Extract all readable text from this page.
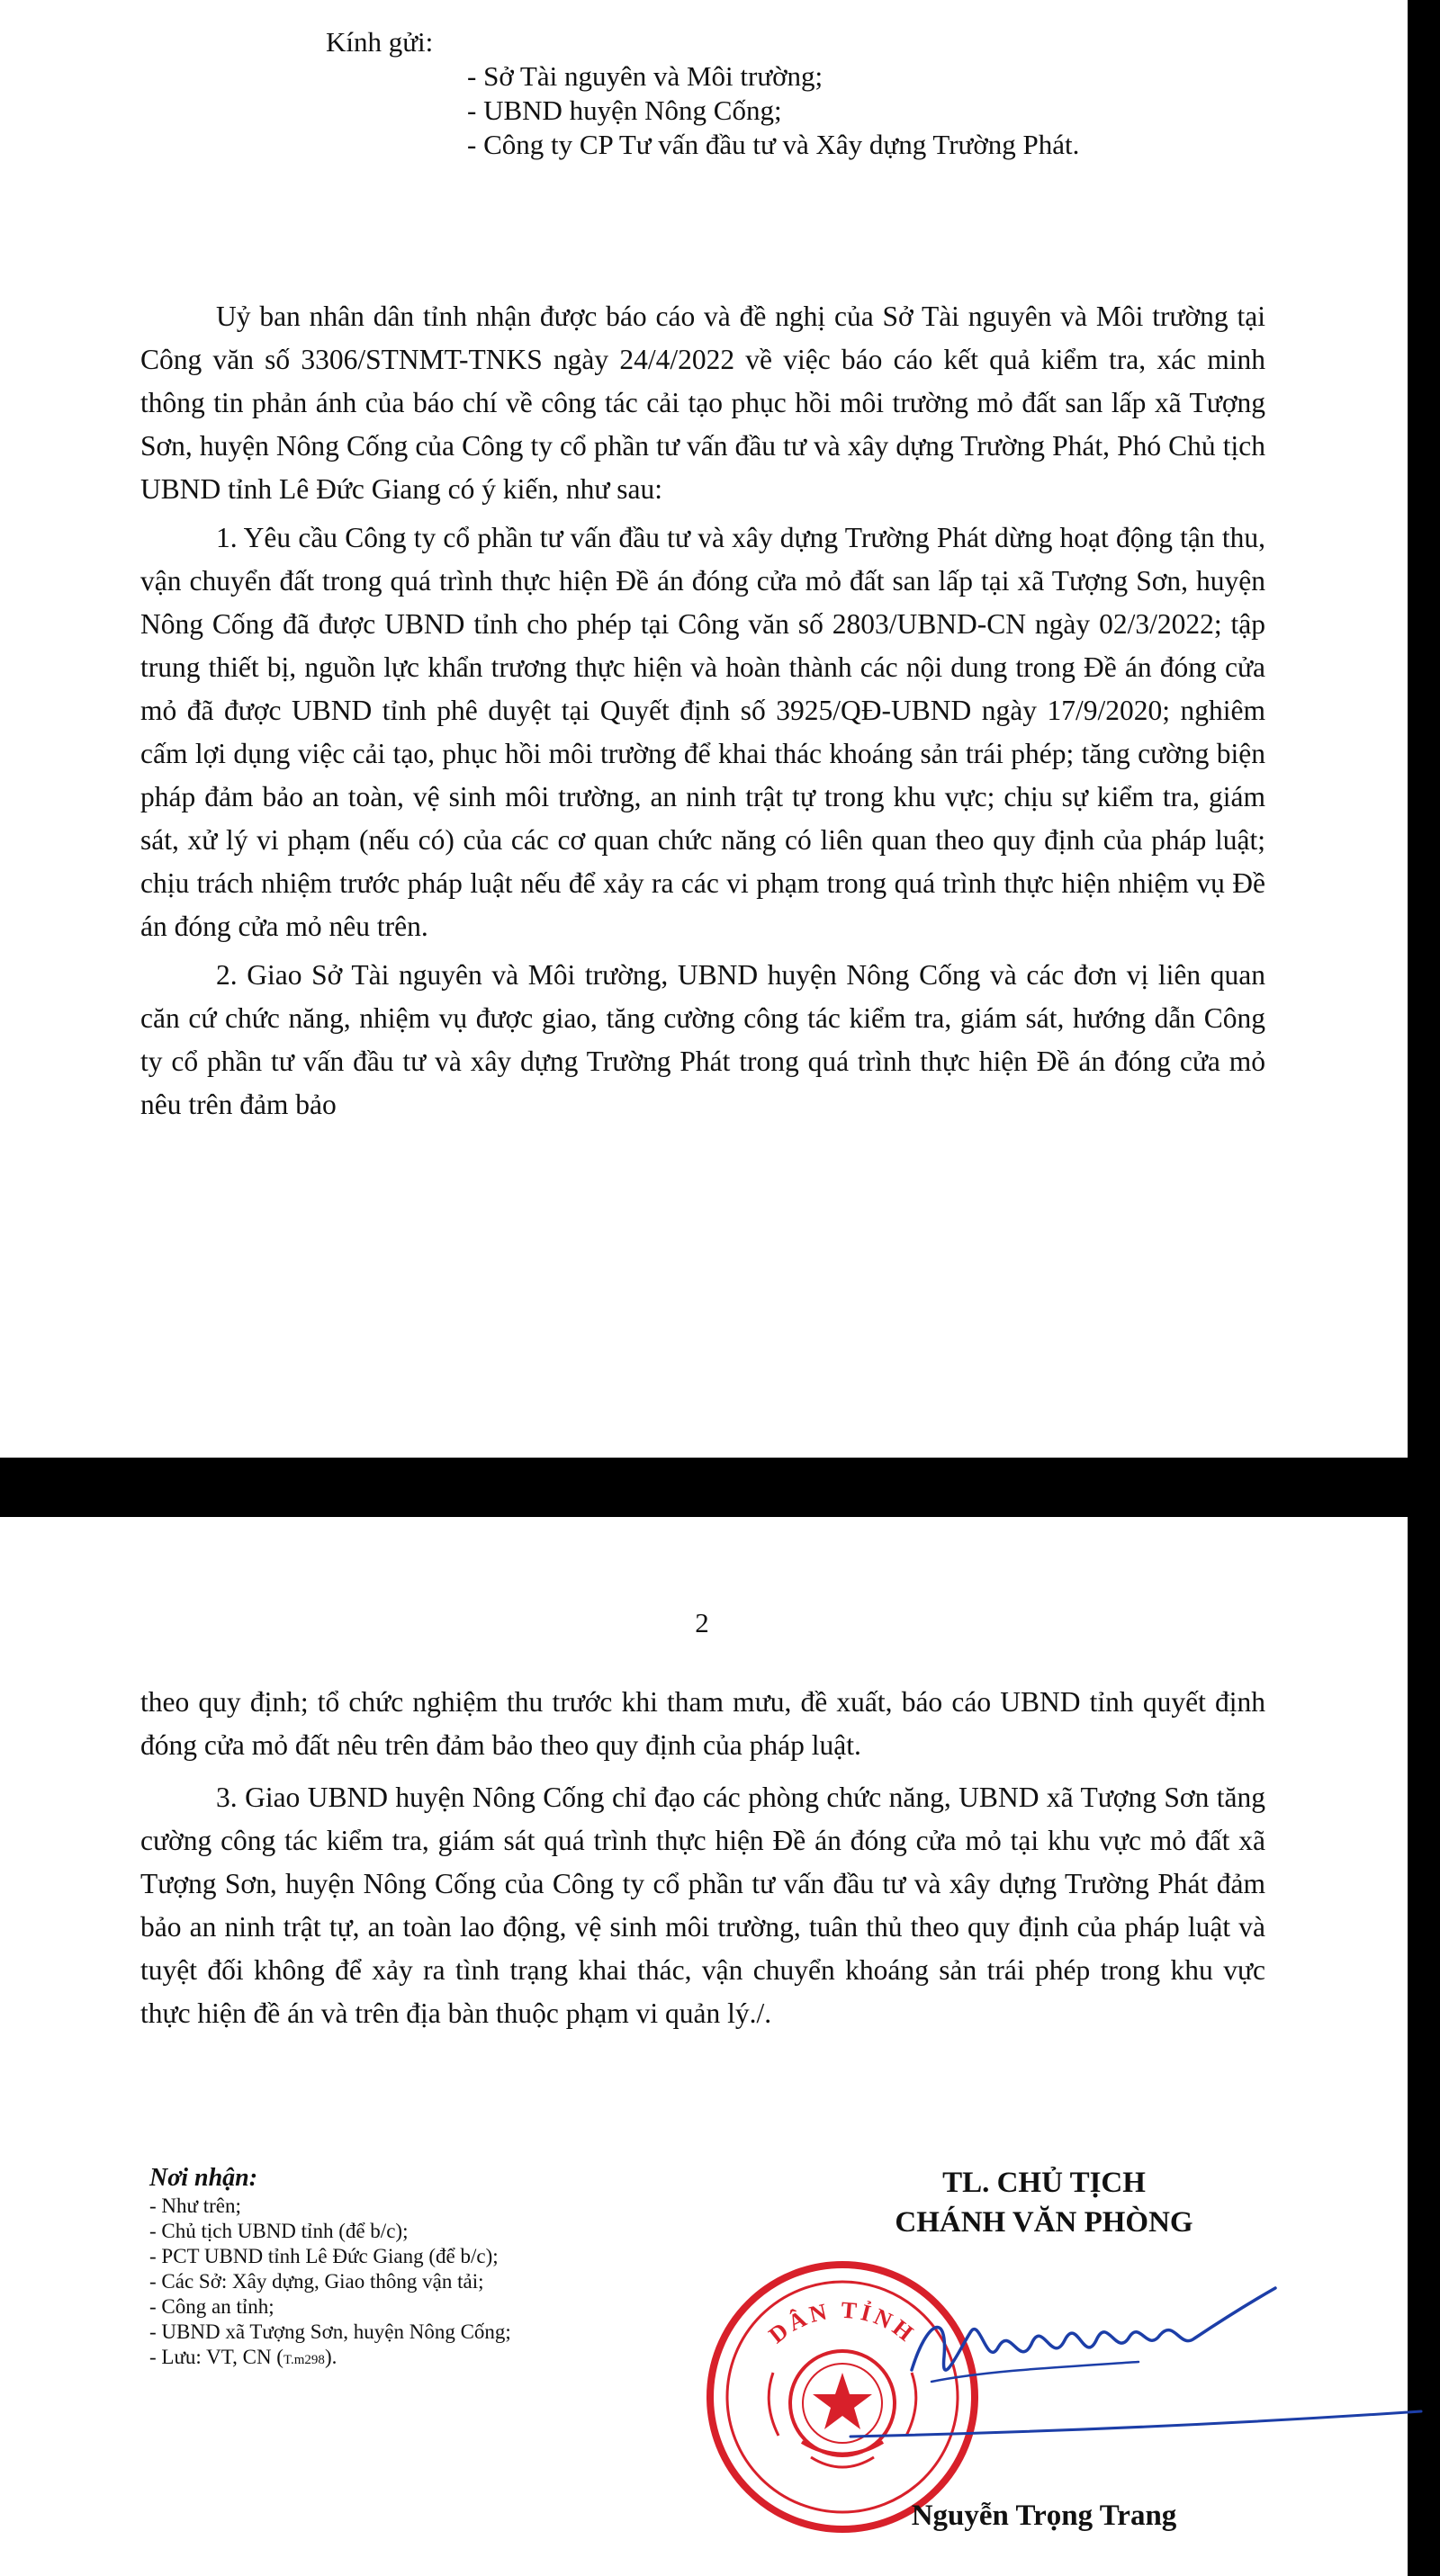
Kính gửi:
- Sở Tài nguyên và Môi trường;
- UBND huyện Nông Cống;
- Công ty CP Tư vấn đầu tư và Xây dựng Trường Phát.

Uỷ ban nhân dân tỉnh nhận được báo cáo và đề nghị của Sở Tài nguyên và Môi trường tại Công văn số 3306/STNMT-TNKS ngày 24/4/2022 về việc báo cáo kết quả kiểm tra, xác minh thông tin phản ánh của báo chí về công tác cải tạo phục hồi môi trường mỏ đất san lấp xã Tượng Sơn, huyện Nông Cống của Công ty cổ phần tư vấn đầu tư và xây dựng Trường Phát, Phó Chủ tịch UBND tỉnh Lê Đức Giang có ý kiến, như sau:

1. Yêu cầu Công ty cổ phần tư vấn đầu tư và xây dựng Trường Phát dừng hoạt động tận thu, vận chuyển đất trong quá trình thực hiện Đề án đóng cửa mỏ đất san lấp tại xã Tượng Sơn, huyện Nông Cống đã được UBND tỉnh cho phép tại Công văn số 2803/UBND-CN ngày 02/3/2022; tập trung thiết bị, nguồn lực khẩn trương thực hiện và hoàn thành các nội dung trong Đề án đóng cửa mỏ đã được UBND tỉnh phê duyệt tại Quyết định số 3925/QĐ-UBND ngày 17/9/2020; nghiêm cấm lợi dụng việc cải tạo, phục hồi môi trường để khai thác khoáng sản trái phép; tăng cường biện pháp đảm bảo an toàn, vệ sinh môi trường, an ninh trật tự trong khu vực; chịu sự kiểm tra, giám sát, xử lý vi phạm (nếu có) của các cơ quan chức năng có liên quan theo quy định của pháp luật; chịu trách nhiệm trước pháp luật nếu để xảy ra các vi phạm trong quá trình thực hiện nhiệm vụ Đề án đóng cửa mỏ nêu trên.

2. Giao Sở Tài nguyên và Môi trường, UBND huyện Nông Cống và các đơn vị liên quan căn cứ chức năng, nhiệm vụ được giao, tăng cường công tác kiểm tra, giám sát, hướng dẫn Công ty cổ phần tư vấn đầu tư và xây dựng Trường Phát trong quá trình thực hiện Đề án đóng cửa mỏ nêu trên đảm bảo

2

theo quy định; tổ chức nghiệm thu trước khi tham mưu, đề xuất, báo cáo UBND tỉnh quyết định đóng cửa mỏ đất nêu trên đảm bảo theo quy định của pháp luật.

3. Giao UBND huyện Nông Cống chỉ đạo các phòng chức năng, UBND xã Tượng Sơn tăng cường công tác kiểm tra, giám sát quá trình thực hiện Đề án đóng cửa mỏ tại khu vực mỏ đất xã Tượng Sơn, huyện Nông Cống của Công ty cổ phần tư vấn đầu tư và xây dựng Trường Phát đảm bảo an ninh trật tự, an toàn lao động, vệ sinh môi trường, tuân thủ theo quy định của pháp luật và tuyệt đối không để xảy ra tình trạng khai thác, vận chuyển khoáng sản trái phép trong khu vực thực hiện đề án và trên địa bàn thuộc phạm vi quản lý./.

Nơi nhận:
- Như trên;
- Chủ tịch UBND tỉnh (để b/c);
- PCT UBND tỉnh Lê Đức Giang (để b/c);
- Các Sở: Xây dựng, Giao thông vận tải;
- Công an tỉnh;
- UBND xã Tượng Sơn, huyện Nông Cống;
- Lưu: VT, CN (T.m298).
TL. CHỦ TỊCH
CHÁNH VĂN PHÒNG
DÂN TỈNH
Nguyễn Trọng Trang
